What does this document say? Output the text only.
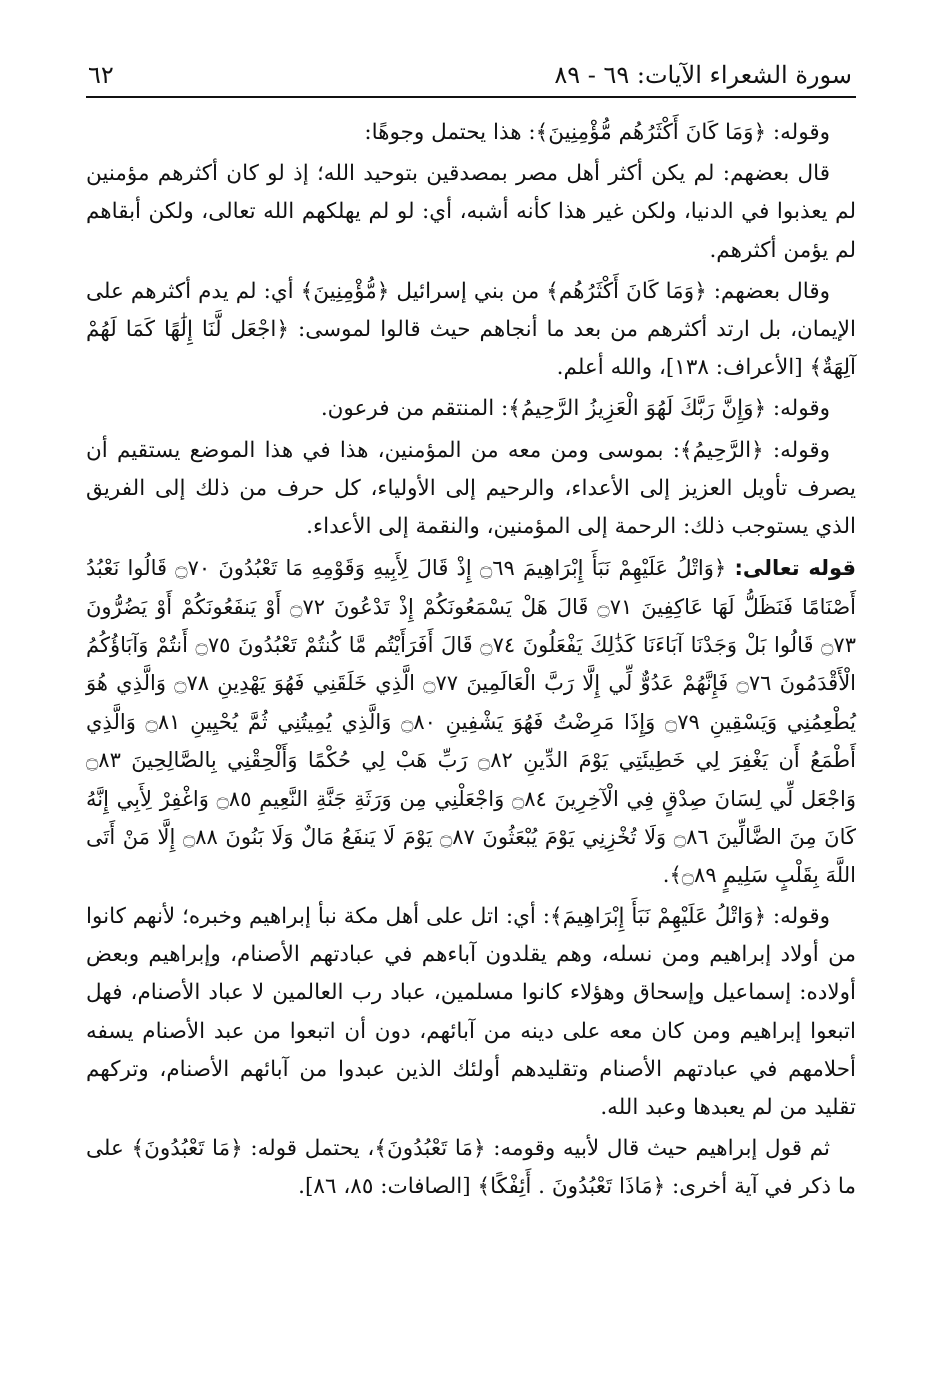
سورة الشعراء الآيات: ٦٩ - ٨٩
٦٢

وقوله: ﴿وَمَا كَانَ أَكْثَرُهُم مُّؤْمِنِينَ﴾: هذا يحتمل وجوهًا:

قال بعضهم: لم يكن أكثر أهل مصر بمصدقين بتوحيد الله؛ إذ لو كان أكثرهم مؤمنين لم يعذبوا في الدنيا، ولكن غير هذا كأنه أشبه، أي: لو لم يهلكهم الله تعالى، ولكن أبقاهم لم يؤمن أكثرهم.

وقال بعضهم: ﴿وَمَا كَانَ أَكْثَرُهُم﴾ من بني إسرائيل ﴿مُّؤْمِنِينَ﴾ أي: لم يدم أكثرهم على الإيمان، بل ارتد أكثرهم من بعد ما أنجاهم حيث قالوا لموسى: ﴿اجْعَل لَّنَا إِلَٰهًا كَمَا لَهُمْ آلِهَةٌ﴾ [الأعراف: ١٣٨]، والله أعلم.

وقوله: ﴿وَإِنَّ رَبَّكَ لَهُوَ الْعَزِيزُ الرَّحِيمُ﴾: المنتقم من فرعون.

وقوله: ﴿الرَّحِيمُ﴾: بموسى ومن معه من المؤمنين، هذا في هذا الموضع يستقيم أن يصرف تأويل العزيز إلى الأعداء، والرحيم إلى الأولياء، كل حرف من ذلك إلى الفريق الذي يستوجب ذلك: الرحمة إلى المؤمنين، والنقمة إلى الأعداء.

قوله تعالى: ﴿وَاتْلُ عَلَيْهِمْ نَبَأَ إِبْرَاهِيمَ ۝٦٩ إِذْ قَالَ لِأَبِيهِ وَقَوْمِهِ مَا تَعْبُدُونَ ۝٧٠ قَالُوا نَعْبُدُ أَصْنَامًا فَنَظَلُّ لَهَا عَاكِفِينَ ۝٧١ قَالَ هَلْ يَسْمَعُونَكُمْ إِذْ تَدْعُونَ ۝٧٢ أَوْ يَنفَعُونَكُمْ أَوْ يَضُرُّونَ ۝٧٣ قَالُوا بَلْ وَجَدْنَا آبَاءَنَا كَذَٰلِكَ يَفْعَلُونَ ۝٧٤ قَالَ أَفَرَأَيْتُم مَّا كُنتُمْ تَعْبُدُونَ ۝٧٥ أَنتُمْ وَآبَاؤُكُمُ الْأَقْدَمُونَ ۝٧٦ فَإِنَّهُمْ عَدُوٌّ لِّي إِلَّا رَبَّ الْعَالَمِينَ ۝٧٧ الَّذِي خَلَقَنِي فَهُوَ يَهْدِينِ ۝٧٨ وَالَّذِي هُوَ يُطْعِمُنِي وَيَسْقِينِ ۝٧٩ وَإِذَا مَرِضْتُ فَهُوَ يَشْفِينِ ۝٨٠ وَالَّذِي يُمِيتُنِي ثُمَّ يُحْيِينِ ۝٨١ وَالَّذِي أَطْمَعُ أَن يَغْفِرَ لِي خَطِيئَتِي يَوْمَ الدِّينِ ۝٨٢ رَبِّ هَبْ لِي حُكْمًا وَأَلْحِقْنِي بِالصَّالِحِينَ ۝٨٣ وَاجْعَل لِّي لِسَانَ صِدْقٍ فِي الْآخِرِينَ ۝٨٤ وَاجْعَلْنِي مِن وَرَثَةِ جَنَّةِ النَّعِيمِ ۝٨٥ وَاغْفِرْ لِأَبِي إِنَّهُ كَانَ مِنَ الضَّالِّينَ ۝٨٦ وَلَا تُخْزِنِي يَوْمَ يُبْعَثُونَ ۝٨٧ يَوْمَ لَا يَنفَعُ مَالٌ وَلَا بَنُونَ ۝٨٨ إِلَّا مَنْ أَتَى اللَّهَ بِقَلْبٍ سَلِيمٍ ۝٨٩﴾.

وقوله: ﴿وَاتْلُ عَلَيْهِمْ نَبَأَ إِبْرَاهِيمَ﴾: أي: اتل على أهل مكة نبأ إبراهيم وخبره؛ لأنهم كانوا من أولاد إبراهيم ومن نسله، وهم يقلدون آباءهم في عبادتهم الأصنام، وإبراهيم وبعض أولاده: إسماعيل وإسحاق وهؤلاء كانوا مسلمين، عباد رب العالمين لا عباد الأصنام، فهل اتبعوا إبراهيم ومن كان معه على دينه من آبائهم، دون أن اتبعوا من عبد الأصنام يسفه أحلامهم في عبادتهم الأصنام وتقليدهم أولئك الذين عبدوا من آبائهم الأصنام، وتركهم تقليد من لم يعبدها وعبد الله.

ثم قول إبراهيم حيث قال لأبيه وقومه: ﴿مَا تَعْبُدُونَ﴾، يحتمل قوله: ﴿مَا تَعْبُدُونَ﴾ على ما ذكر في آية أخرى: ﴿مَاذَا تَعْبُدُونَ . أَئِفْكًا﴾ [الصافات: ٨٥، ٨٦].
